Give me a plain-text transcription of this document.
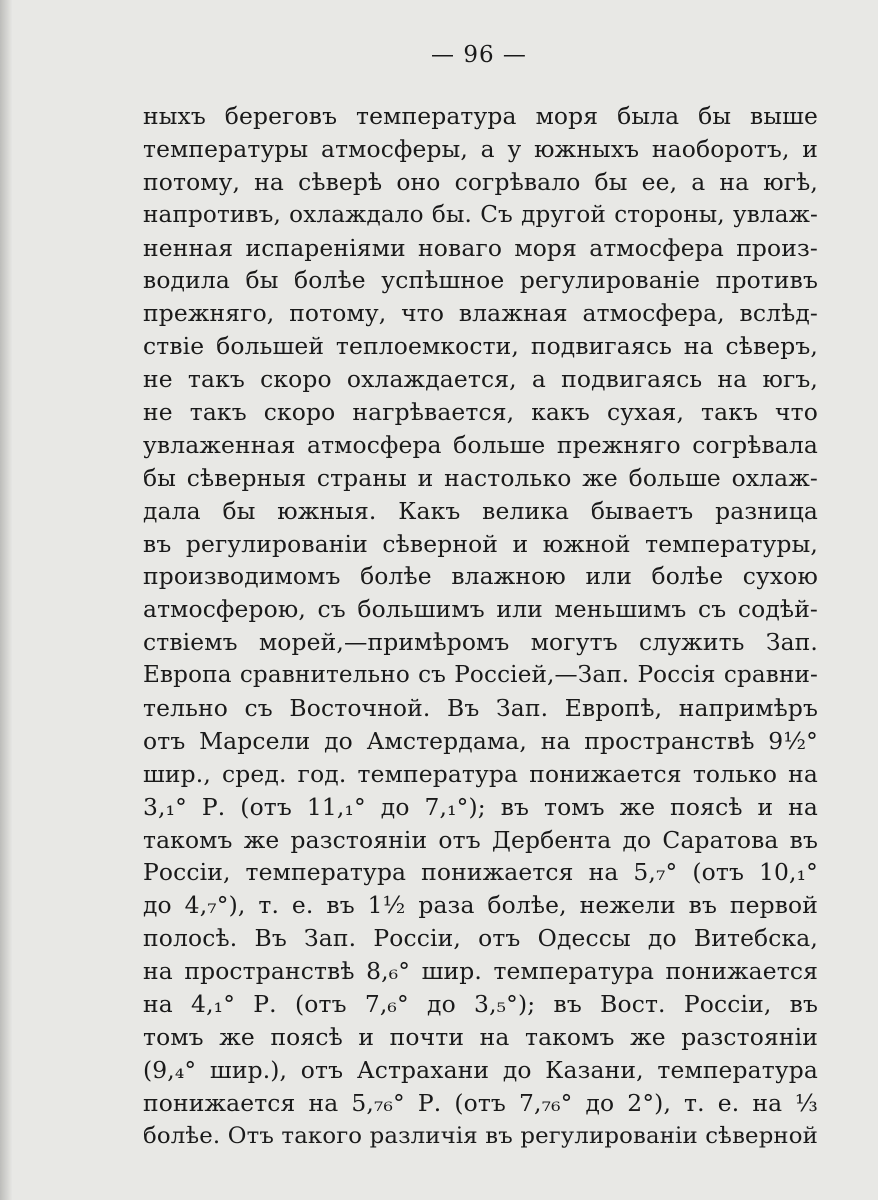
— 96 —
ныхъ береговъ температура моря была бы выше
температуры атмосферы, а у южныхъ наоборотъ, и
потому, на сѣверѣ оно согрѣвало бы ее, а на югѣ,
напротивъ, охлаждало бы. Съ другой стороны, увлаж-
ненная испареніями новаго моря атмосфера произ-
водила бы болѣе успѣшное регулированіе противъ
прежняго, потому, что влажная атмосфера, вслѣд-
ствіе большей теплоемкости, подвигаясь на сѣверъ,
не такъ скоро охлаждается, а подвигаясь на югъ,
не такъ скоро нагрѣвается, какъ сухая, такъ что
увлаженная атмосфера больше прежняго согрѣвала
бы сѣверныя страны и настолько же больше охлаж-
дала бы южныя. Какъ велика бываетъ разница
въ регулированіи сѣверной и южной температуры,
производимомъ болѣе влажною или болѣе сухою
атмосферою, съ большимъ или меньшимъ съ содѣй-
ствіемъ морей,—примѣромъ могутъ служить Зап.
Европа сравнительно съ Россіей,—Зап. Россія сравни-
тельно съ Восточной. Въ Зап. Европѣ, напримѣръ
отъ Марсели до Амстердама, на пространствѣ 9½°
шир., сред. год. температура понижается только на
3,₁° Р. (отъ 11,₁° до 7,₁°); въ томъ же поясѣ и на
такомъ же разстояніи отъ Дербента до Саратова въ
Россіи, температура понижается на 5,₇° (отъ 10,₁°
до 4,₇°), т. е. въ 1½ раза болѣе, нежели въ первой
полосѣ. Въ Зап. Россіи, отъ Одессы до Витебска,
на пространствѣ 8,₆° шир. температура понижается
на 4,₁° Р. (отъ 7,₆° до 3,₅°); въ Вост. Россіи, въ
томъ же поясѣ и почти на такомъ же разстояніи
(9,₄° шир.), отъ Астрахани до Казани, температура
понижается на 5,₇₆° Р. (отъ 7,₇₆° до 2°), т. е. на ⅓
болѣе. Отъ такого различія въ регулированіи сѣверной
